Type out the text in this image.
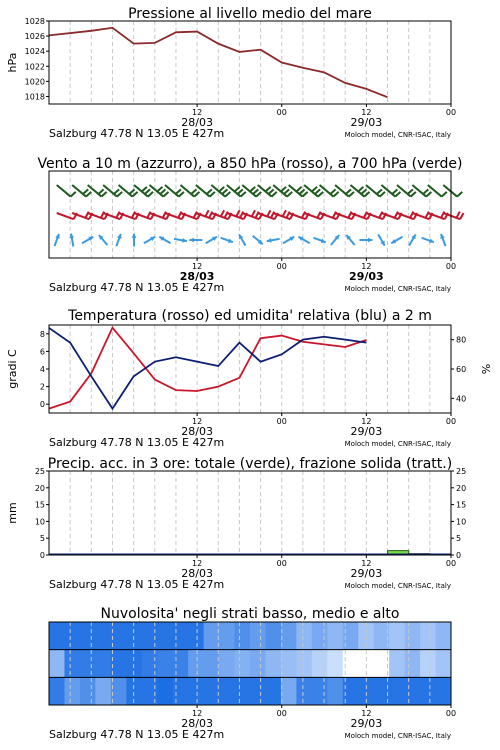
1018
1020
1022
1024
1026
1028	Pressione al livello medio del mare
hPa
12	00	12	00
28/03	29/03
Salzburg 47.78 N 13.05 E 427m	Moloch model, CNR-ISAC, Italy
Vento a 10 m (azzurro), a 850 hPa (rosso), a 700 hPa (verde)
12	00	12	00
28/03	29/03
Salzburg 47.78 N 13.05 E 427m	Moloch model, CNR-ISAC, Italy
0
2
4
6
8
40
60
80
Temperatura (rosso) ed umidita' relativa (blu) a 2 m
gradi C	%
12	00	12	00
28/03	29/03
Salzburg 47.78 N 13.05 E 427m	Moloch model, CNR-ISAC, Italy
0
5
10
15
20
25
0
5
10
15
20
25
Precip. acc. in 3 ore: totale (verde), frazione solida (tratt.)
mm
12	00	12	00
28/03	29/03
Salzburg 47.78 N 13.05 E 427m	Moloch model, CNR-ISAC, Italy
Nuvolosita' negli strati basso, medio e alto
12	00	12	00
28/03	29/03
Salzburg 47.78 N 13.05 E 427m	Moloch model, CNR-ISAC, Italy
